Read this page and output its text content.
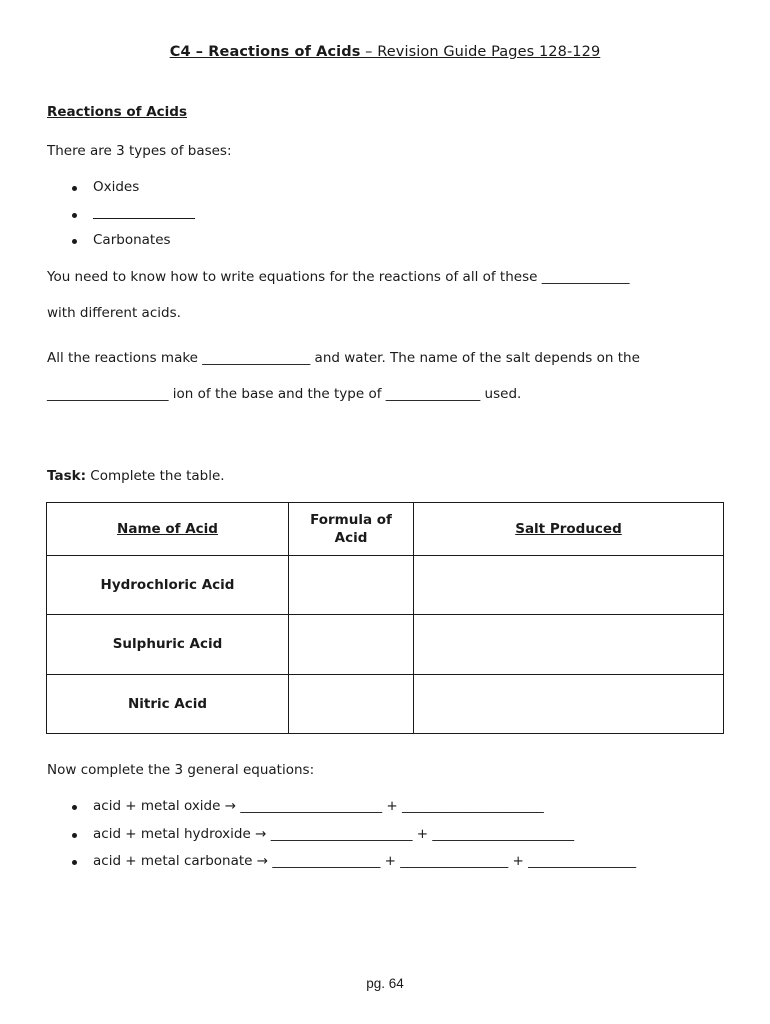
C4 – Reactions of Acids – Revision Guide Pages 128-129
Reactions of Acids
There are 3 types of bases:
Oxides
Carbonates
You need to know how to write equations for the reactions of all of these _____________
with different acids.
All the reactions make ________________ and water. The name of the salt depends on the
__________________ ion of the base and the type of ______________ used.
Task: Complete the table.
Name of Acid	Formula of Acid	Salt Produced
Hydrochloric Acid		
Sulphuric Acid		
Nitric Acid		
Now complete the 3 general equations:
acid + metal oxide → _____________________ + _____________________
acid + metal hydroxide → _____________________ + _____________________
acid + metal carbonate → ________________ + ________________ + ________________
pg. 64
